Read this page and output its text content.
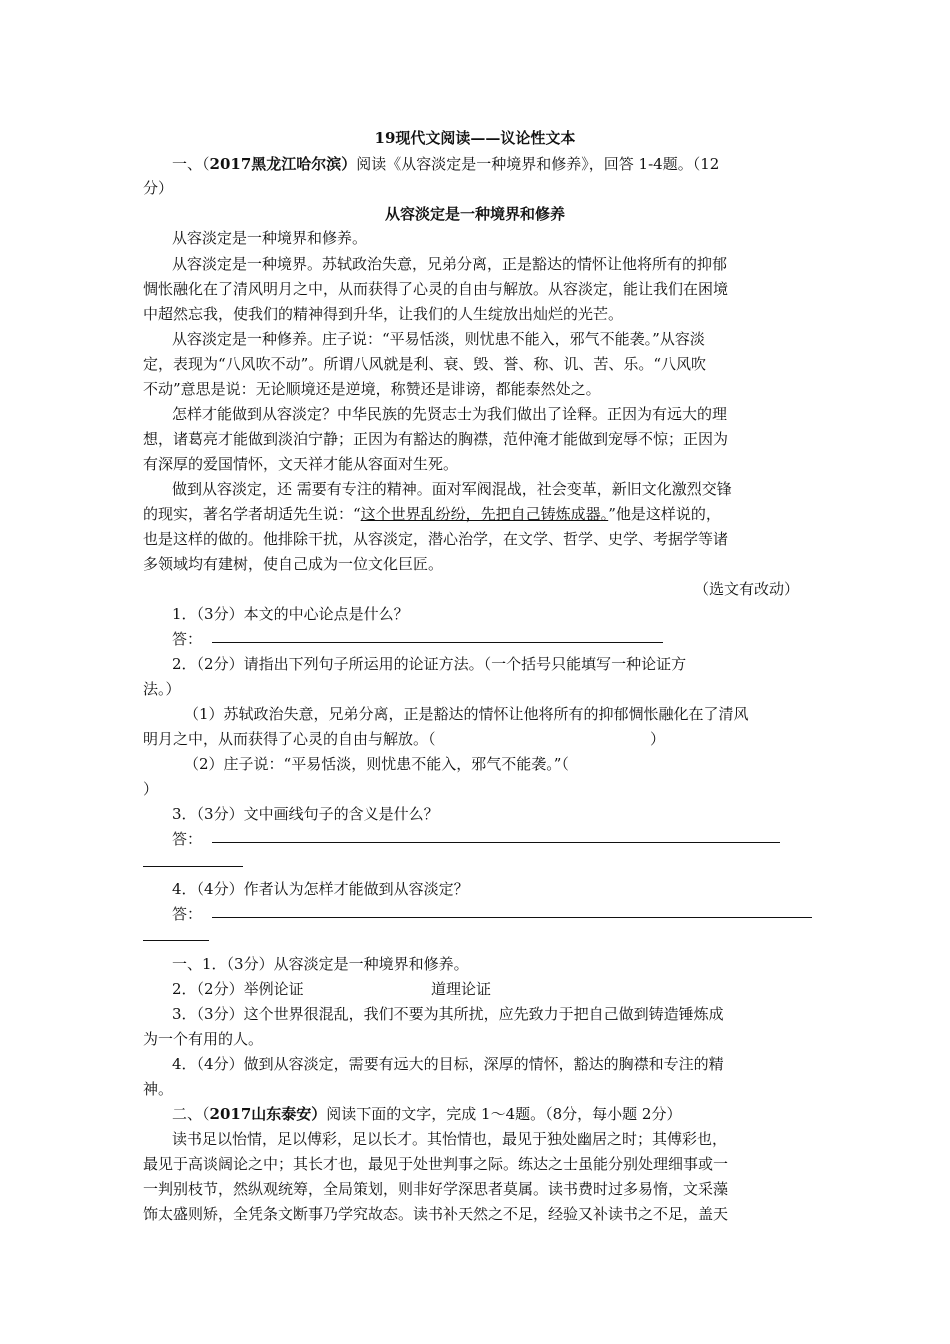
19现代文阅读——议论性文本
一、（2017黑龙江哈尔滨）阅读《从容淡定是一种境界和修养》，回答 1-4题。（12
分）
从容淡定是一种境界和修养
从容淡定是一种境界和修养。
从容淡定是一种境界。苏轼政治失意，兄弟分离，正是豁达的情怀让他将所有的抑郁
惆怅融化在了清风明月之中，从而获得了心灵的自由与解放。从容淡定，能让我们在困境
中超然忘我，使我们的精神得到升华，让我们的人生绽放出灿烂的光芒。
从容淡定是一种修养。庄子说：“平易恬淡，则忧患不能入，邪气不能袭。”从容淡
定，表现为“八风吹不动”。所谓八风就是利、衰、毁、誉、称、讥、苦、乐。“八风吹
不动”意思是说：无论顺境还是逆境，称赞还是诽谤，都能泰然处之。
怎样才能做到从容淡定？中华民族的先贤志士为我们做出了诠释。正因为有远大的理
想，诸葛亮才能做到淡泊宁静；正因为有豁达的胸襟，范仲淹才能做到宠辱不惊；正因为
有深厚的爱国情怀，文天祥才能从容面对生死。
做到从容淡定，还 需要有专注的精神。面对军阀混战，社会变革，新旧文化激烈交锋
的现实，著名学者胡适先生说：“这个世界乱纷纷，先把自己铸炼成器。”他是这样说的，
也是这样的做的。他排除干扰，从容淡定，潜心治学，在文学、哲学、史学、考据学等诸
多领域均有建树，使自己成为一位文化巨匠。
（选文有改动）
1．（3分）本文的中心论点是什么？
答：
2．（2分）请指出下列句子所运用的论证方法。（一个括号只能填写一种论证方
法。）
（1）苏轼政治失意，兄弟分离，正是豁达的情怀让他将所有的抑郁惆怅融化在了清风
明月之中，从而获得了心灵的自由与解放。（	）
（2）庄子说：“平易恬淡，则忧患不能入，邪气不能袭。”（
）
3．（3分）文中画线句子的含义是什么？
答：
4．（4分）作者认为怎样才能做到从容淡定？
答：
一、1．（3分）从容淡定是一种境界和修养。
2．（2分）举例论证	道理论证
3．（3分）这个世界很混乱，我们不要为其所扰，应先致力于把自己做到铸造锤炼成
为一个有用的人。
4．（4分）做到从容淡定，需要有远大的目标，深厚的情怀，豁达的胸襟和专注的精
神。
二、（2017山东泰安）阅读下面的文字，完成 1～4题。（8分，每小题 2分）
读书足以怡情，足以傅彩，足以长才。其怡情也，最见于独处幽居之时；其傅彩也，
最见于高谈阔论之中；其长才也，最见于处世判事之际。练达之士虽能分别处理细事或一
一判别枝节，然纵观统筹，全局策划，则非好学深思者莫属。读书费时过多易惰，文采藻
饰太盛则矫，全凭条文断事乃学究故态。读书补天然之不足，经验又补读书之不足，盖天
